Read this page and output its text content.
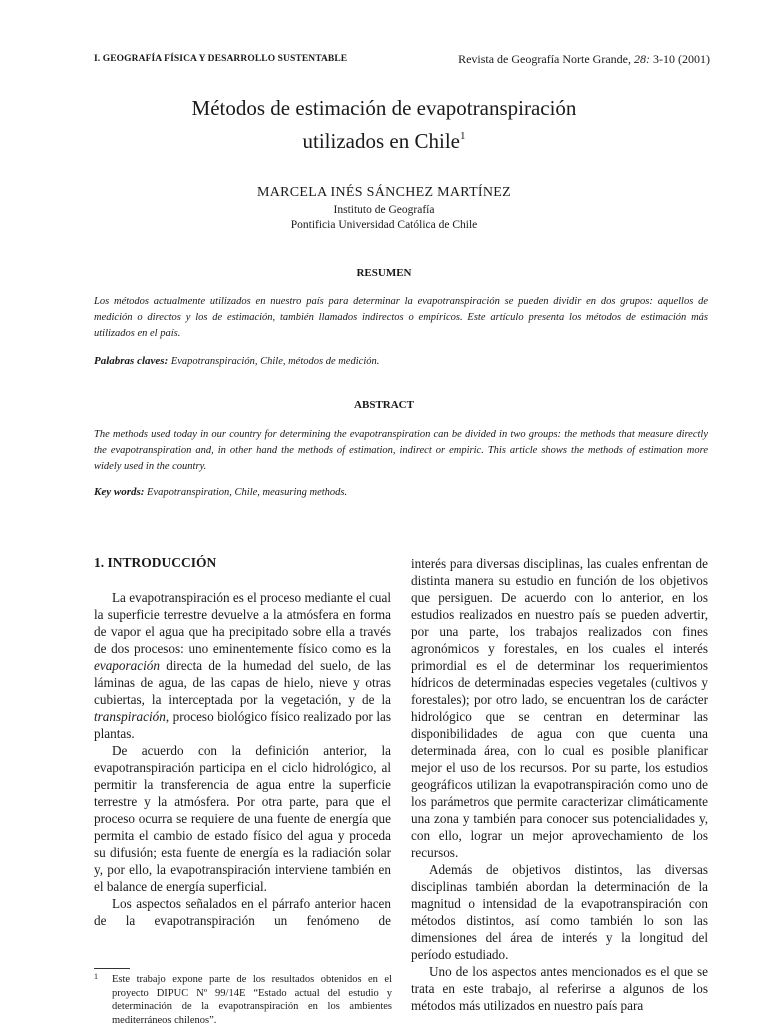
I. GEOGRAFÍA FÍSICA Y DESARROLLO SUSTENTABLE	Revista de Geografía Norte Grande, 28: 3-10 (2001)
Métodos de estimación de evapotranspiración
utilizados en Chile$^1$
MARCELA INÉS SÁNCHEZ MARTÍNEZ
Instituto de Geografía
Pontificia Universidad Católica de Chile
RESUMEN
Los métodos actualmente utilizados en nuestro país para determinar la evapotranspiración se pueden dividir en dos grupos: aquellos de medición o directos y los de estimación, también llamados indirectos o empíricos. Este artículo presenta los métodos de estimación más utilizados en el país.
Palabras claves: Evapotranspiración, Chile, métodos de medición.
ABSTRACT
The methods used today in our country for determining the evapotranspiration can be divided in two groups: the methods that measure directly the evapotranspiration and, in other hand the methods of estimation, indirect or empiric. This article shows the methods of estimation more widely used in the country.
Key words: Evapotranspiration, Chile, measuring methods.
1. INTRODUCCIÓN

La evapotranspiración es el proceso mediante el cual la superficie terrestre devuelve a la atmósfera en forma de vapor el agua que ha precipitado sobre ella a través de dos procesos: uno eminentemente físico como es la evaporación directa de la humedad del suelo, de las láminas de agua, de las capas de hielo, nieve y otras cubiertas, la interceptada por la vegetación, y de la transpiración, proceso biológico físico realizado por las plantas.

De acuerdo con la definición anterior, la evapotranspiración participa en el ciclo hidrológico, al permitir la transferencia de agua entre la superficie terrestre y la atmósfera. Por otra parte, para que el proceso ocurra se requiere de una fuente de energía que permita el cambio de estado físico del agua y proceda su difusión; esta fuente de energía es la radiación solar y, por ello, la evapotranspiración interviene también en el balance de energía superficial.

Los aspectos señalados en el párrafo anterior hacen de la evapotranspiración un fenómeno de

interés para diversas disciplinas, las cuales enfrentan de distinta manera su estudio en función de los objetivos que persiguen. De acuerdo con lo anterior, en los estudios realizados en nuestro país se pueden advertir, por una parte, los trabajos realizados con fines agronómicos y forestales, en los cuales el interés primordial es el de determinar los requerimientos hídricos de determinadas especies vegetales (cultivos y forestales); por otro lado, se encuentran los de carácter hidrológico que se centran en determinar las disponibilidades de agua con que cuenta una determinada área, con lo cual es posible planificar mejor el uso de los recursos. Por su parte, los estudios geográficos utilizan la evapotranspiración como uno de los parámetros que permite caracterizar climáticamente una zona y también para conocer sus potencialidades y, con ello, lograr un mejor aprovechamiento de los recursos.

Además de objetivos distintos, las diversas disciplinas también abordan la determinación de la magnitud o intensidad de la evapotranspiración con métodos distintos, así como también lo son las dimensiones del área de interés y la longitud del período estudiado.

Uno de los aspectos antes mencionados es el que se trata en este trabajo, al referirse a algunos de los métodos más utilizados en nuestro país para

1 Este trabajo expone parte de los resultados obtenidos en el proyecto DIPUC Nº 99/14E “Estado actual del estudio y determinación de la evapotranspiración en los ambientes mediterráneos chilenos”.
